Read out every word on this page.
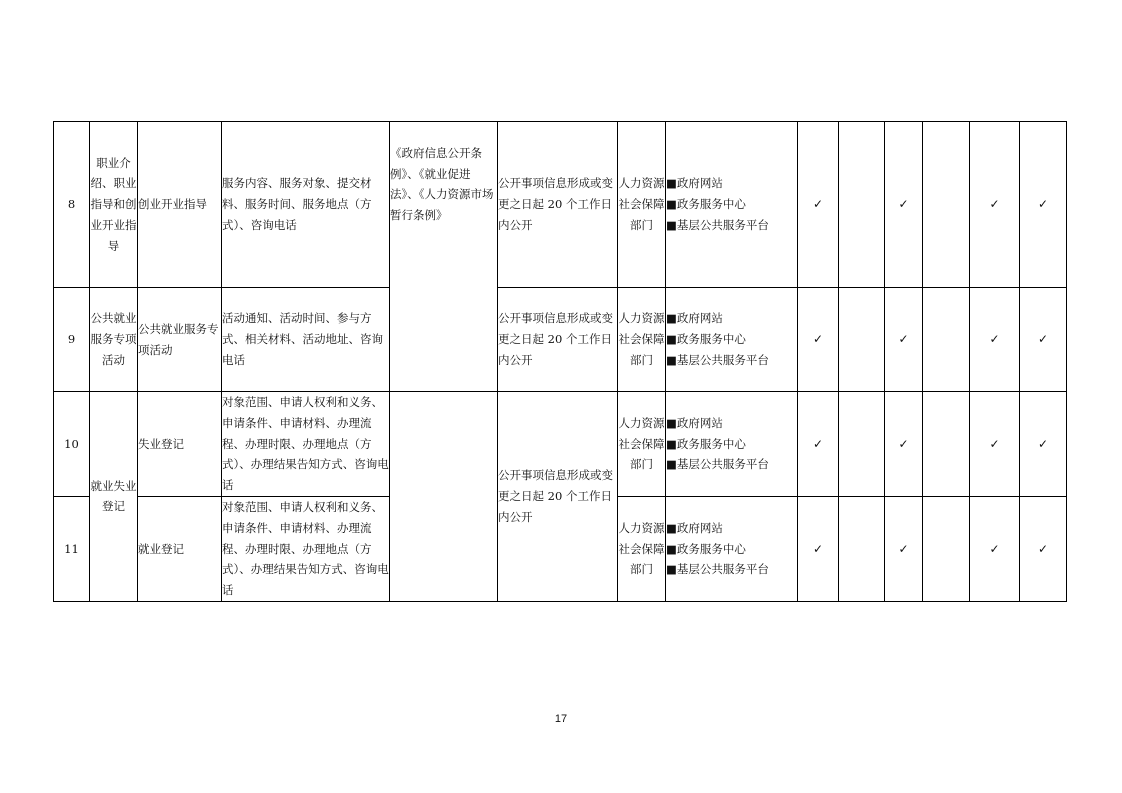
8	职业介绍、职业指导和创业开业指导	创业开业指导	服务内容、服务对象、提交材料、服务时间、服务地点（方式）、咨询电话	《政府信息公开条例》、《就业促进法》、《人力资源市场暂行条例》	公开事项信息形成或变更之日起 20 个工作日内公开	人力资源社会保障部门	■政府网站
■政务服务中心
■基层公共服务平台	✓		✓		✓	✓
9	公共就业服务专项活动	公共就业服务专项活动	活动通知、活动时间、参与方式、相关材料、活动地址、咨询电话		公开事项信息形成或变更之日起 20 个工作日内公开	人力资源社会保障部门	■政府网站
■政务服务中心
■基层公共服务平台	✓		✓		✓	✓
10	就业失业登记	失业登记	对象范围、申请人权利和义务、申请条件、申请材料、办理流程、办理时限、办理地点（方式）、办理结果告知方式、咨询电话		公开事项信息形成或变更之日起 20 个工作日内公开	人力资源社会保障部门	■政府网站
■政务服务中心
■基层公共服务平台	✓		✓		✓	✓
11		就业登记	对象范围、申请人权利和义务、申请条件、申请材料、办理流程、办理时限、办理地点（方式）、办理结果告知方式、咨询电话			人力资源社会保障部门	■政府网站
■政务服务中心
■基层公共服务平台	✓		✓		✓	✓
17
